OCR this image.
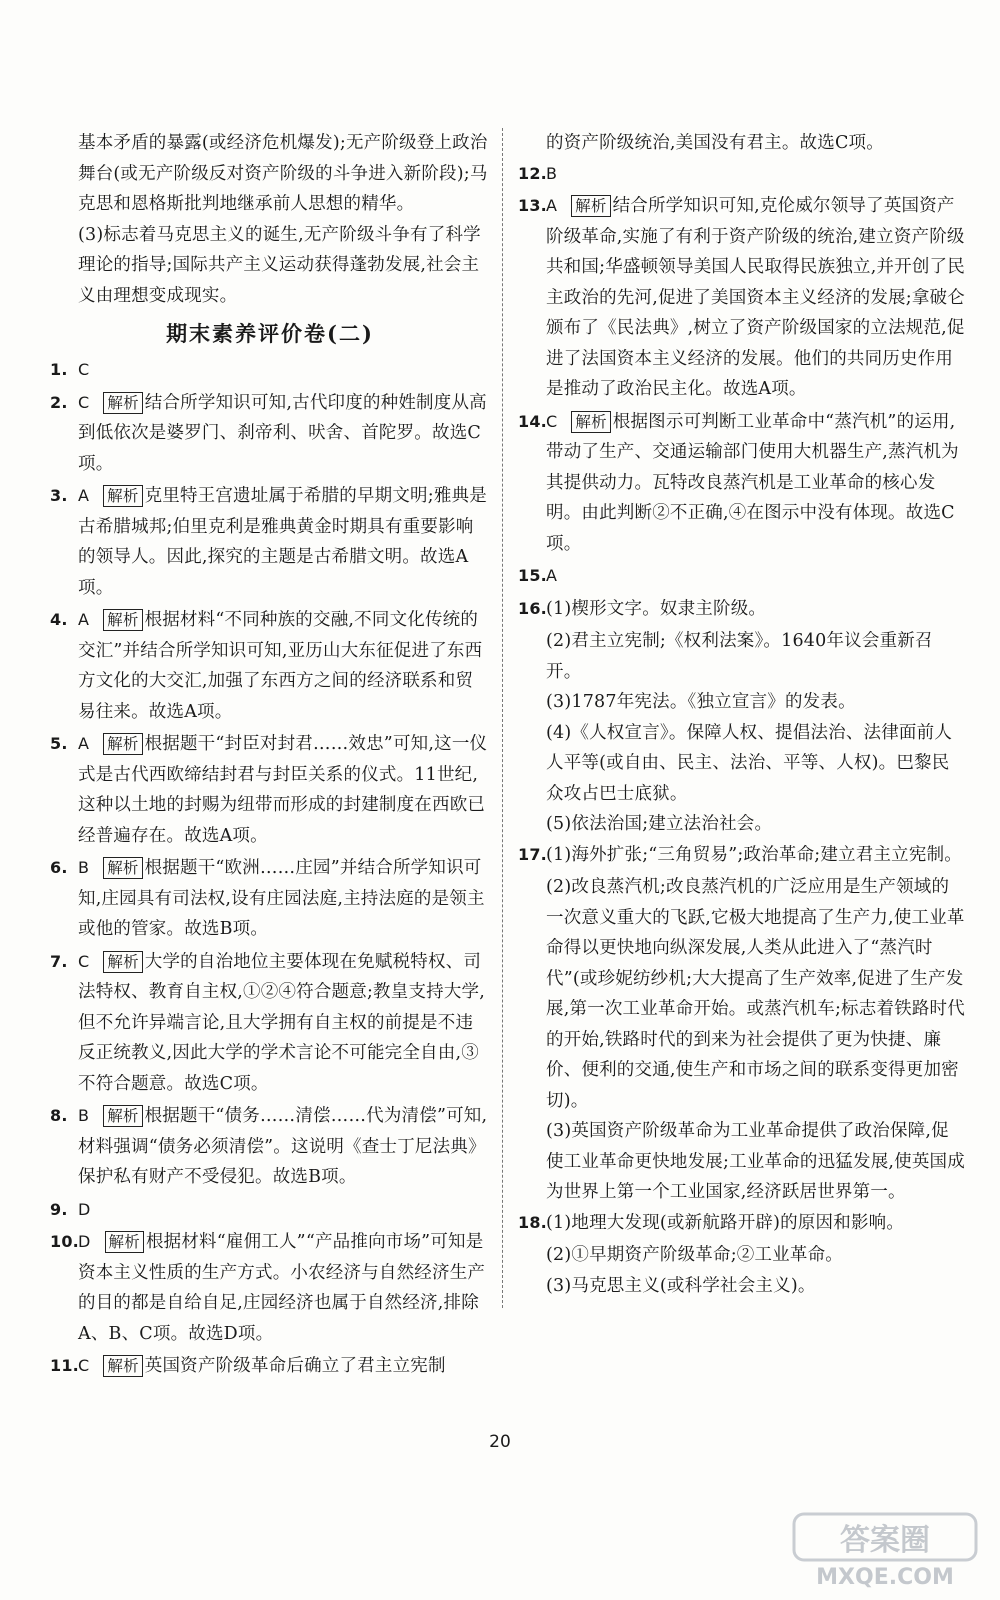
基本矛盾的暴露(或经济危机爆发);无产阶级登上政治舞台(或无产阶级反对资产阶级的斗争进入新阶段);马克思和恩格斯批判地继承前人思想的精华。

(3)标志着马克思主义的诞生,无产阶级斗争有了科学理论的指导;国际共产主义运动获得蓬勃发展,社会主义由理想变成现实。

期末素养评价卷(二)
1. C
2. C 解析 结合所学知识可知,古代印度的种姓制度从高到低依次是婆罗门、刹帝利、吠舍、首陀罗。故选C项。
3. A 解析 克里特王宫遗址属于希腊的早期文明;雅典是古希腊城邦;伯里克利是雅典黄金时期具有重要影响的领导人。因此,探究的主题是古希腊文明。故选A项。
4. A 解析 根据材料“不同种族的交融,不同文化传统的交汇”并结合所学知识可知,亚历山大东征促进了东西方文化的大交汇,加强了东西方之间的经济联系和贸易往来。故选A项。
5. A 解析 根据题干“封臣对封君……效忠”可知,这一仪式是古代西欧缔结封君与封臣关系的仪式。11世纪,这种以土地的封赐为纽带而形成的封建制度在西欧已经普遍存在。故选A项。
6. B 解析 根据题干“欧洲……庄园”并结合所学知识可知,庄园具有司法权,设有庄园法庭,主持法庭的是领主或他的管家。故选B项。
7. C 解析 大学的自治地位主要体现在免赋税特权、司法特权、教育自主权,①②④符合题意;教皇支持大学,但不允许异端言论,且大学拥有自主权的前提是不违反正统教义,因此大学的学术言论不可能完全自由,③不符合题意。故选C项。
8. B 解析 根据题干“债务……清偿……代为清偿”可知,材料强调“债务必须清偿”。这说明《查士丁尼法典》保护私有财产不受侵犯。故选B项。
9. D
10. D 解析 根据材料“雇佣工人”“产品推向市场”可知是资本主义性质的生产方式。小农经济与自然经济生产的目的都是自给自足,庄园经济也属于自然经济,排除A、B、C项。故选D项。
11. C 解析 英国资产阶级革命后确立了君主立宪制

的资产阶级统治,美国没有君主。故选C项。

12. B
13. A 解析 结合所学知识可知,克伦威尔领导了英国资产阶级革命,实施了有利于资产阶级的统治,建立资产阶级共和国;华盛顿领导美国人民取得民族独立,并开创了民主政治的先河,促进了美国资本主义经济的发展;拿破仑颁布了《民法典》,树立了资产阶级国家的立法规范,促进了法国资本主义经济的发展。他们的共同历史作用是推动了政治民主化。故选A项。
14. C 解析 根据图示可判断工业革命中“蒸汽机”的运用,带动了生产、交通运输部门使用大机器生产,蒸汽机为其提供动力。瓦特改良蒸汽机是工业革命的核心发明。由此判断②不正确,④在图示中没有体现。故选C项。
15. A
16. (1)楔形文字。奴隶主阶级。

(2)君主立宪制;《权利法案》。1640年议会重新召开。

(3)1787年宪法。《独立宣言》的发表。

(4)《人权宣言》。保障人权、提倡法治、法律面前人人平等(或自由、民主、法治、平等、人权)。巴黎民众攻占巴士底狱。

(5)依法治国;建立法治社会。

17. (1)海外扩张;“三角贸易”;政治革命;建立君主立宪制。

(2)改良蒸汽机;改良蒸汽机的广泛应用是生产领域的一次意义重大的飞跃,它极大地提高了生产力,使工业革命得以更快地向纵深发展,人类从此进入了“蒸汽时代”(或珍妮纺纱机;大大提高了生产效率,促进了生产发展,第一次工业革命开始。或蒸汽机车;标志着铁路时代的开始,铁路时代的到来为社会提供了更为快捷、廉价、便利的交通,使生产和市场之间的联系变得更加密切)。

(3)英国资产阶级革命为工业革命提供了政治保障,促使工业革命更快地发展;工业革命的迅猛发展,使英国成为世界上第一个工业国家,经济跃居世界第一。

18. (1)地理大发现(或新航路开辟)的原因和影响。

(2)①早期资产阶级革命;②工业革命。

(3)马克思主义(或科学社会主义)。

20
答案圈
MXQE.COM
